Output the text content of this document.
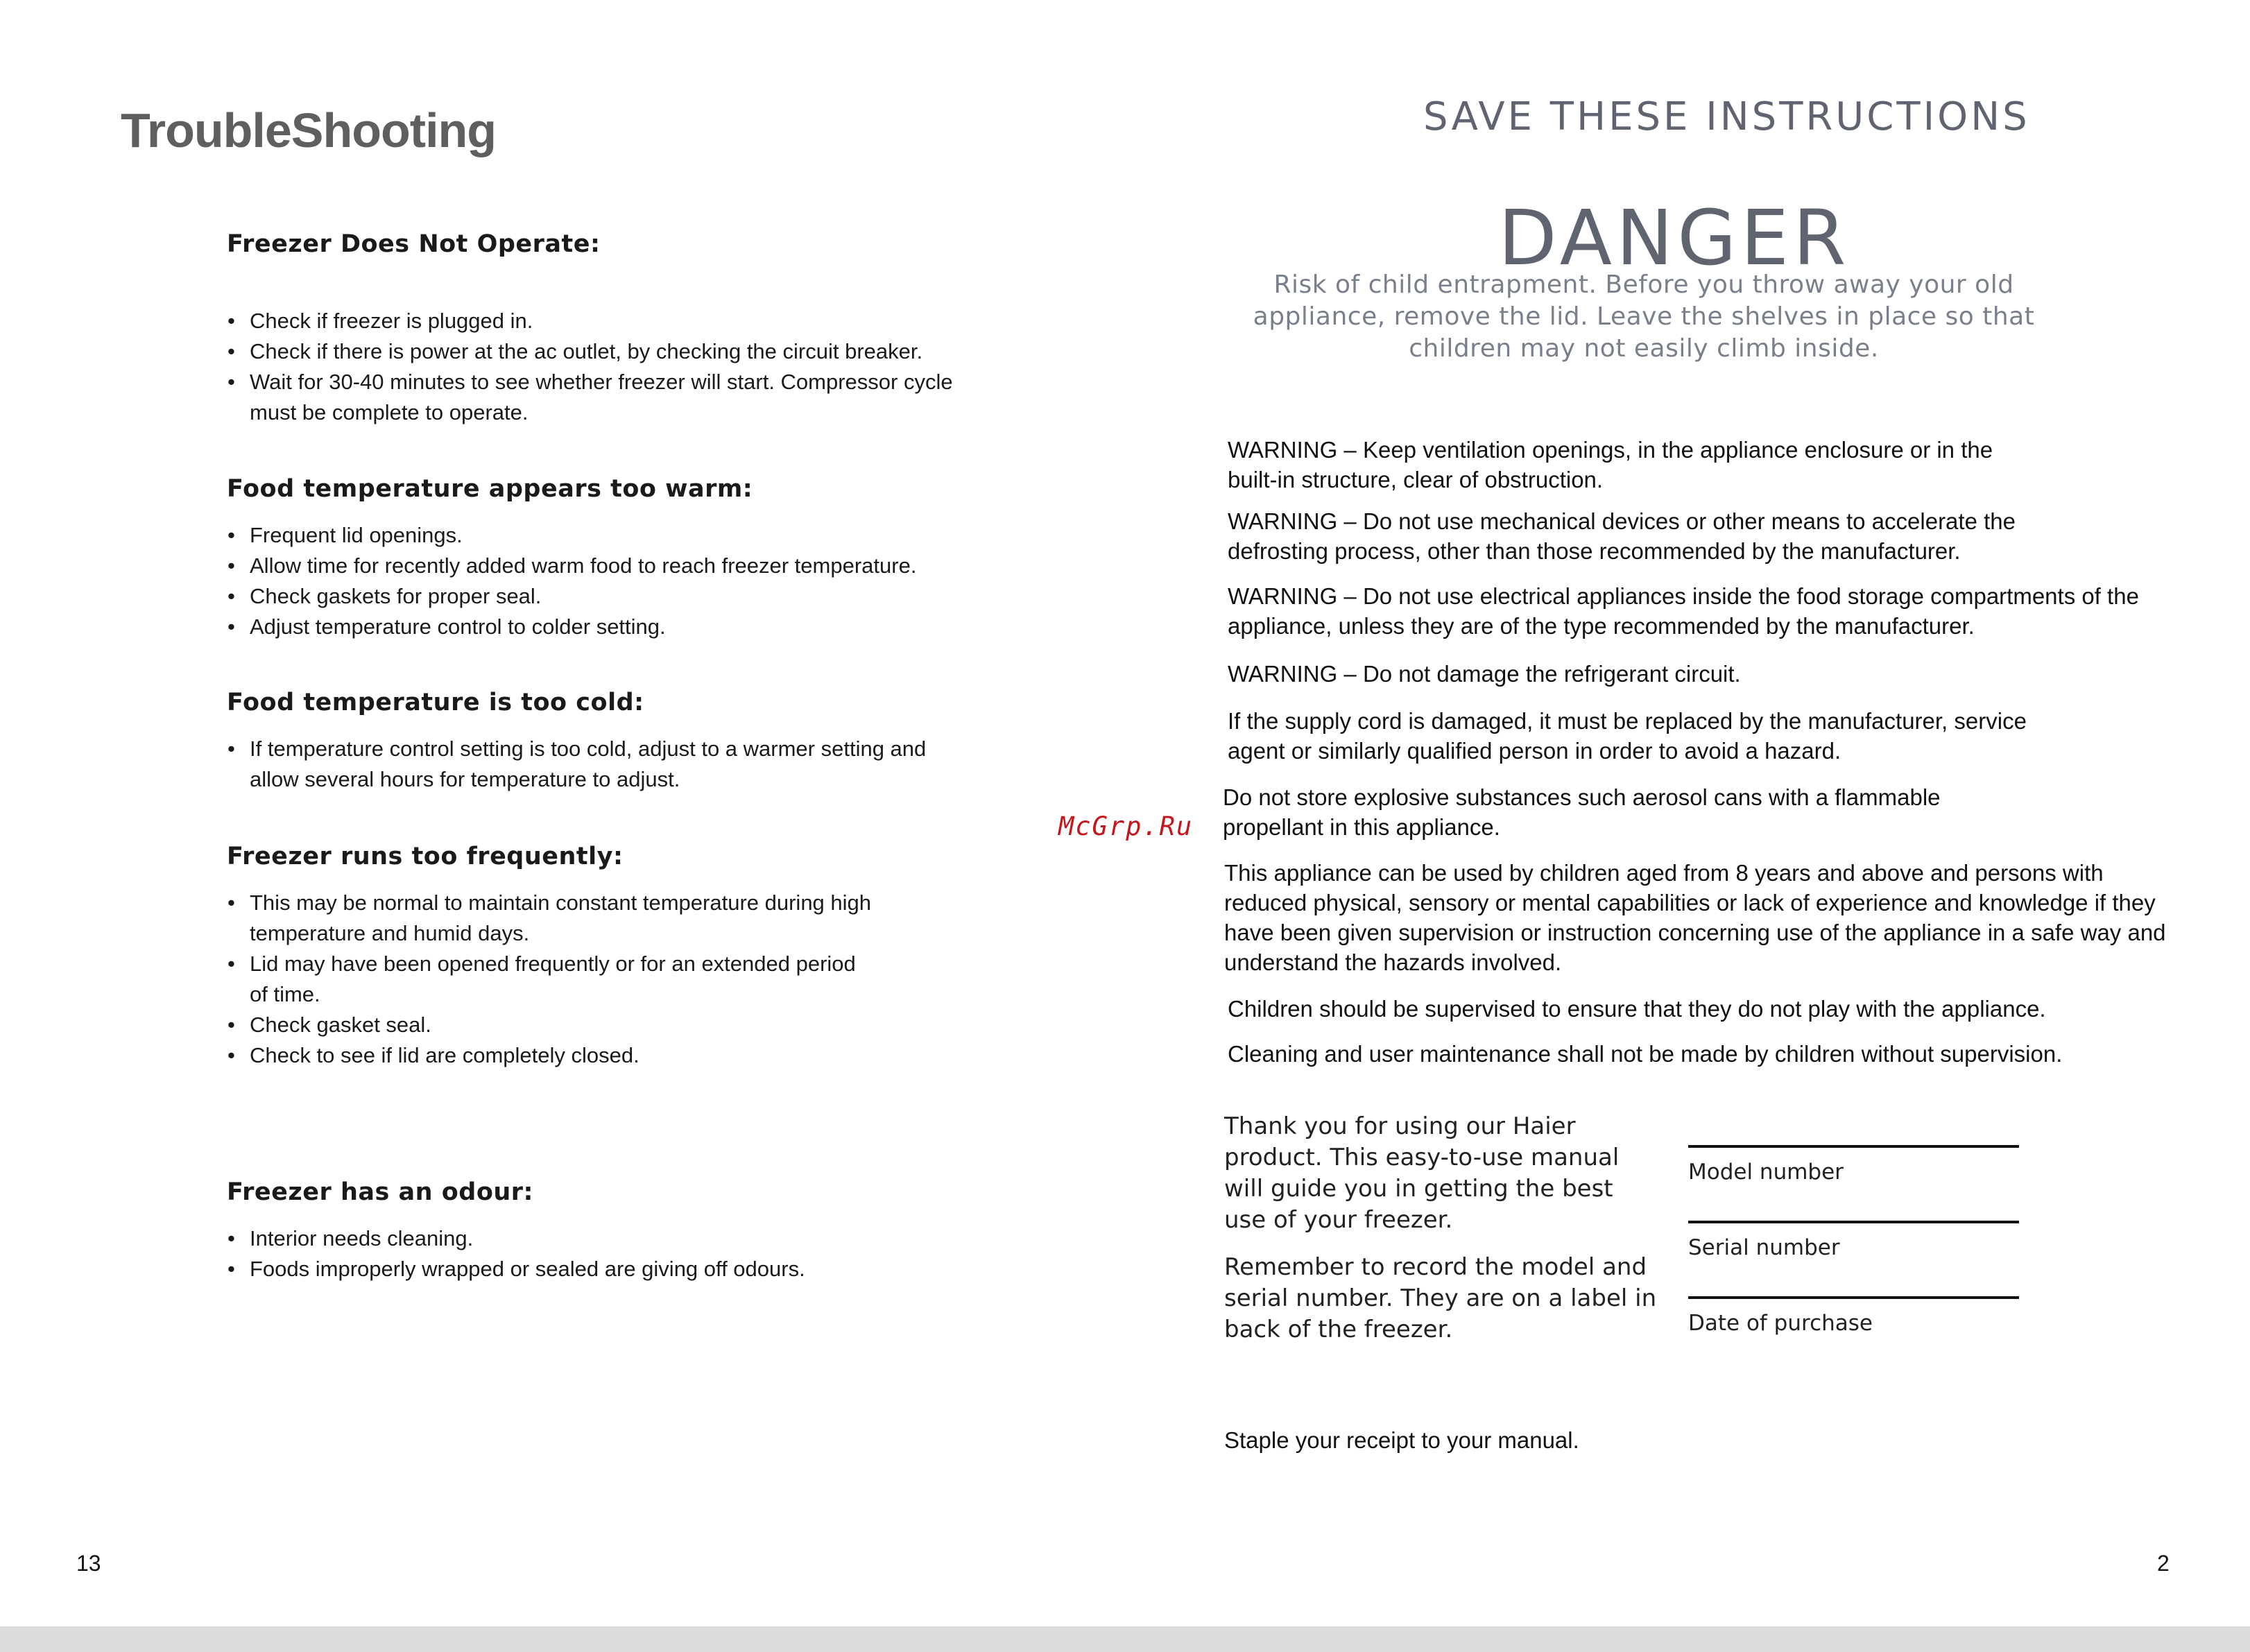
TroubleShooting
Freezer Does Not Operate:
• Check if freezer is plugged in.
• Check if there is power at the ac outlet, by checking the circuit breaker.
• Wait for 30-40 minutes to see whether freezer will start. Compressor cycle must be complete to operate.
Food temperature appears too warm:
• Frequent lid openings.
• Allow time for recently added warm food to reach freezer temperature.
• Check gaskets for proper seal.
• Adjust temperature control to colder setting.
Food temperature is too cold:
• If temperature control setting is too cold, adjust to a warmer setting and allow several hours for temperature to adjust.
Freezer runs too frequently:
• This may be normal to maintain constant temperature during high temperature and humid days.
• Lid may have been opened frequently or for an extended period of time.
• Check gasket seal.
• Check to see if lid are completely closed.
Freezer has an odour:
• Interior needs cleaning.
• Foods improperly wrapped or sealed are giving off odours.
13
SAVE THESE INSTRUCTIONS
DANGER
Risk of child entrapment. Before you throw away your old appliance, remove the lid. Leave the shelves in place so that children may not easily climb inside.
WARNING – Keep ventilation openings, in the appliance enclosure or in the built-in structure, clear of obstruction.
WARNING – Do not use mechanical devices or other means to accelerate the defrosting process, other than those recommended by the manufacturer.
WARNING – Do not use electrical appliances inside the food storage compartments of the appliance, unless they are of the type recommended by the manufacturer.
WARNING – Do not damage the refrigerant circuit.
If the supply cord is damaged, it must be replaced by the manufacturer, service agent or similarly qualified person in order to avoid a hazard.
Do not store explosive substances such aerosol cans with a flammable propellant in this appliance.
This appliance can be used by children aged from 8 years and above and persons with reduced physical, sensory or mental capabilities or lack of experience and knowledge if they have been given supervision or instruction concerning use of the appliance in a safe way and understand the hazards involved.
Children should be supervised to ensure that they do not play with the appliance.
Cleaning and user maintenance shall not be made by children without supervision.
McGrp.Ru
Thank you for using our Haier product. This easy-to-use manual will guide you in getting the best use of your freezer.
Remember to record the model and serial number. They are on a label in back of the freezer.
Model number
Serial number
Date of purchase
Staple your receipt to your manual.
2
